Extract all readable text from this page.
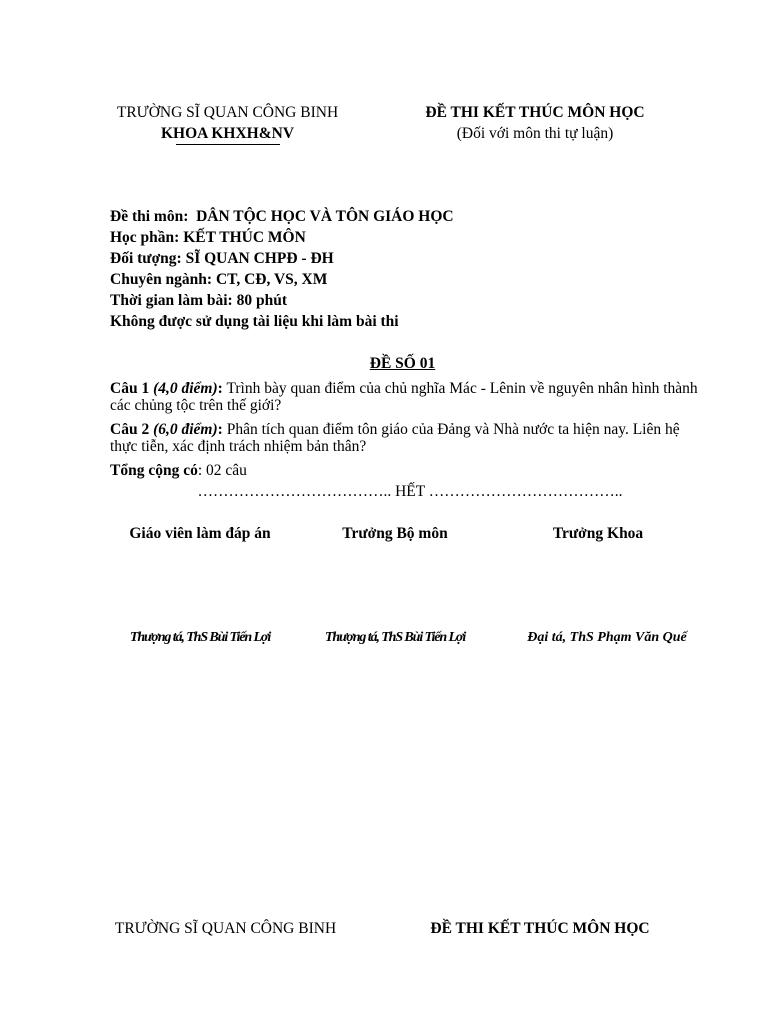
TRƯỜNG SĨ QUAN CÔNG BINH
KHOA KHXH&NV
ĐỀ THI KẾT THÚC MÔN HỌC
(Đối với môn thi tự luận)
Đề thi môn: DÂN TỘC HỌC VÀ TÔN GIÁO HỌC
Học phần: KẾT THÚC MÔN
Đối tượng: SĨ QUAN CHPĐ - ĐH
Chuyên ngành: CT, CĐ, VS, XM
Thời gian làm bài: 80 phút
Không được sử dụng tài liệu khi làm bài thi
ĐỀ SỐ 01
Câu 1 (4,0 điểm): Trình bày quan điểm của chủ nghĩa Mác - Lênin về nguyên nhân hình thành các chủng tộc trên thế giới?
Câu 2 (6,0 điểm): Phân tích quan điểm tôn giáo của Đảng và Nhà nước ta hiện nay. Liên hệ thực tiễn, xác định trách nhiệm bản thân?
Tổng cộng có: 02 câu
……………………………….. HẾT ………………………………..
Giáo viên làm đáp án	Trưởng Bộ môn	Trưởng Khoa
Thượng tá, ThS Bùi Tiến Lợi	Thượng tá, ThS Bùi Tiến Lợi	Đại tá, ThS Phạm Văn Quế
TRƯỜNG SĨ QUAN CÔNG BINH	ĐỀ THI KẾT THÚC MÔN HỌC
